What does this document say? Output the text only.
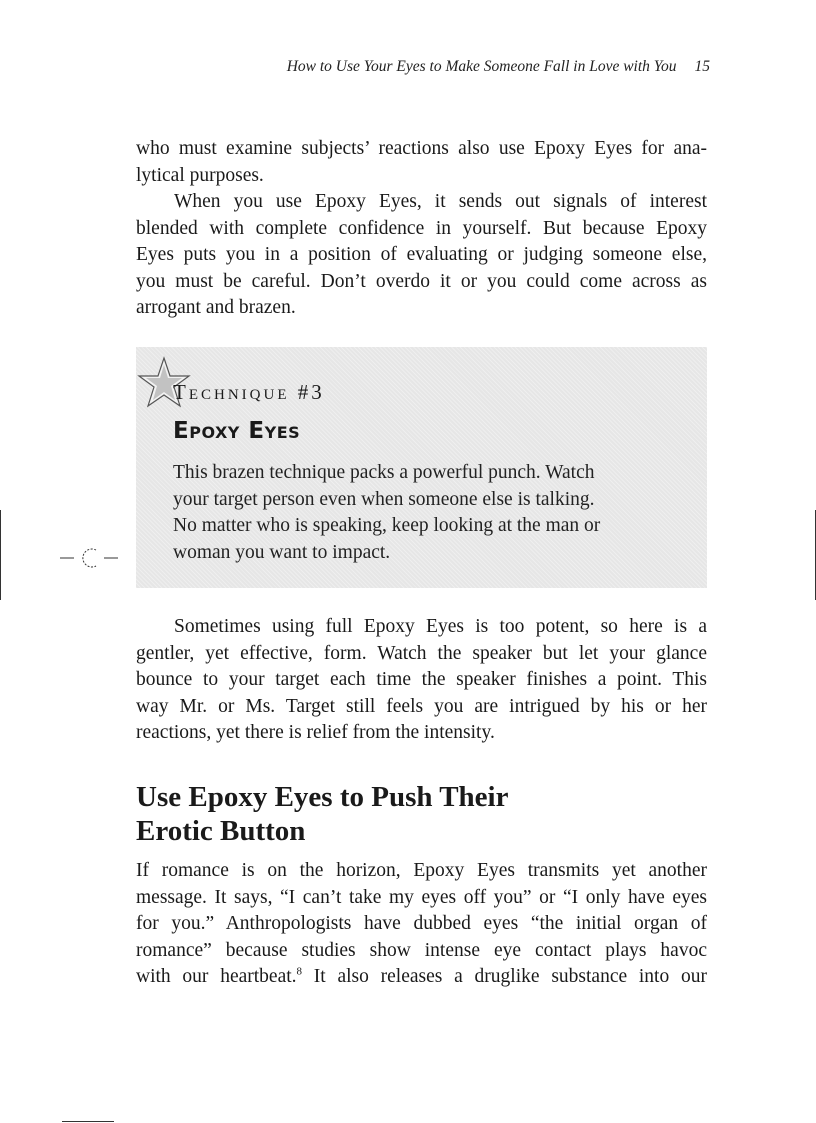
How to Use Your Eyes to Make Someone Fall in Love with You 15

who must examine subjects’ reactions also use Epoxy Eyes for ana-
lytical purposes.

When you use Epoxy Eyes, it sends out signals of interest
blended with complete confidence in yourself. But because Epoxy
Eyes puts you in a position of evaluating or judging someone else,
you must be careful. Don’t overdo it or you could come across as
arrogant and brazen.

Technique #3
Epoxy Eyes

This brazen technique packs a powerful punch. Watch
your target person even when someone else is talking.
No matter who is speaking, keep looking at the man or
woman you want to impact.

Sometimes using full Epoxy Eyes is too potent, so here is a
gentler, yet effective, form. Watch the speaker but let your glance
bounce to your target each time the speaker finishes a point. This
way Mr. or Ms. Target still feels you are intrigued by his or her
reactions, yet there is relief from the intensity.

Use Epoxy Eyes to Push Their
Erotic Button

If romance is on the horizon, Epoxy Eyes transmits yet another
message. It says, “I can’t take my eyes off you” or “I only have eyes
for you.” Anthropologists have dubbed eyes “the initial organ of
romance” because studies show intense eye contact plays havoc
with our heartbeat.$^8$ It also releases a druglike substance into our
